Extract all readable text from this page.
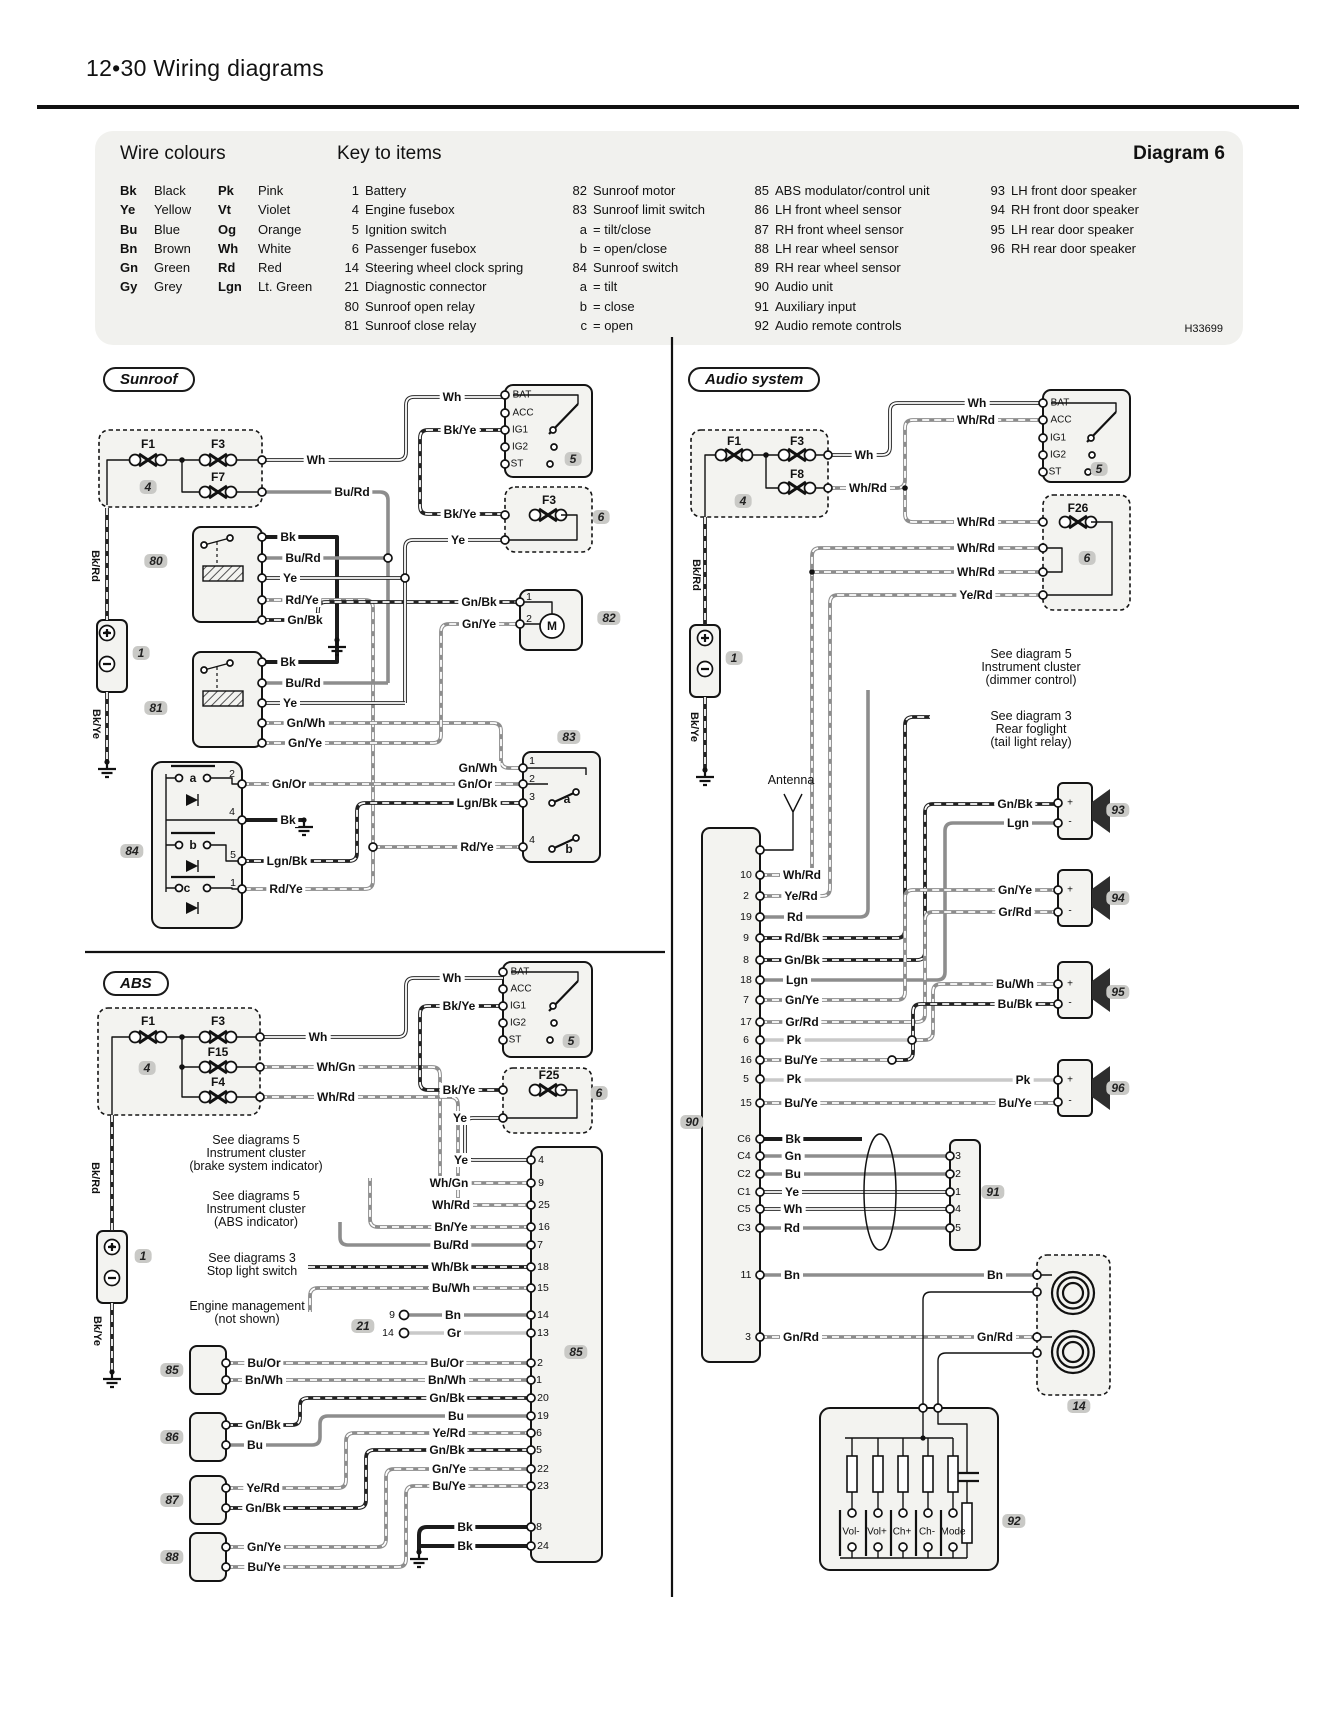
12•30 Wiring diagrams
Wire colours	Key to items	Diagram 6
Bk Black Pk Pink
Ye Yellow Vt Violet
Bu Blue	Og Orange
Bn Brown Wh White
Gn Green Rd Red
Gy Grey	Lgn Lt. Green
1 Battery
4 Engine fusebox
5 Ignition switch
6 Passenger fusebox
14 Steering wheel clock spring
21 Diagnostic connector
80 Sunroof open relay
81 Sunroof close relay
82 Sunroof motor
83 Sunroof limit switch
a = tilt/close
b = open/close
84 Sunroof switch
a = tilt
b = close
c = open
85 ABS modulator/control unit
86 LH front wheel sensor
87 RH front wheel sensor
88 LH rear wheel sensor
89 RH rear wheel sensor
90 Audio unit
91 Auxiliary input
92 Audio remote controls
93 LH front door speaker
94 RH front door speaker
95 LH rear door speaker
96 RH rear door speaker
H33699
Sunroof
ABS
Audio system
Wh
Bu/Rd
Wh
Bk/Ye
Bk/Ye
Ye
Bk
Bu/Rd
Ye
Rd/Ye
Gn/Bk
Gn/Bk
Gn/Ye
Bk
Bu/Rd
Ye
Gn/Wh
Gn/Ye
Gn/Or
Bk
Lgn/Bk
Rd/Ye
Gn/Wh
Gn/Or
Lgn/Bk
Rd/Ye
F1	F3
F7
F3
M
BAT
ACC
IG1
IG2
ST
+
-
a
b
c
a
b
1
2
2
4
5
1
1
2
3
4
4
5
6
80
1
81
84
82
83
Bk/Rd
Bk/Ye
Wh
Wh/Rd
Wh
Wh/Rd
Wh/Rd
Wh/Rd
Wh/Rd
Ye/Rd
10
2
19
9
8
18
7
17
6
16
5
15
C6
C4
C2
C1
C5
C3
11
3
Wh/Rd
Ye/Rd
Rd
Rd/Bk
Gn/Bk
Lgn
Gn/Ye
Gr/Rd
Pk
Bu/Ye
Pk
Bu/Ye
Bk
Gn
Bu
Ye
Wh
Rd
Bn
Gn/Rd
Gn/Bk
Lgn
Gn/Ye
Gr/Rd
Bu/Wh
Bu/Bk
Pk
Bu/Ye
Bn
Gn/Rd
BAT
ACC
IG1
IG2
ST
+
-
+
-
+
-
+
-
3
2
1
4
5
Vol- Vol+ Ch+ Ch- Mode
F1	F3
F8
F26
4
5
6
1
90
91
93
94
95
96
14
92
See diagram 5
Instrument cluster
(dimmer control)
See diagram 3
Rear foglight
(tail light relay)
Antenna
Bk/Rd
Bk/Ye
Wh
Wh/Gn
Wh/Rd
Wh
Bk/Ye
Bk/Ye
Ye
Ye
Wh/Gn
Wh/Rd
Bn/Ye
Bu/Rd
Wh/Bk
Bu/Wh
Bn
Gr
Bu/Or
Bn/Wh
Gn/Bk
Bu
Ye/Rd
Gn/Bk
Gn/Ye
Bu/Ye
Bk
Bk
Bu/Or
Bn/Wh
Gn/Bk
Bu
Ye/Rd
Gn/Bk
Gn/Ye
Bu/Ye
4
9
25
16
7
18
15
14
13
2
1
20
19
6
5
22
23
8
24
9
14
BAT
ACC
IG1
IG2
ST
+
-
F1	F3
F15
F4	F25
4
5
6
1
21
85
86
87
88
85
See diagrams 5
Instrument cluster
(brake system indicator)
See diagrams 5
Instrument cluster
(ABS indicator)
See diagrams 3
Stop light switch
Engine management
(not shown)
Bk/Rd
Bk/Ye
